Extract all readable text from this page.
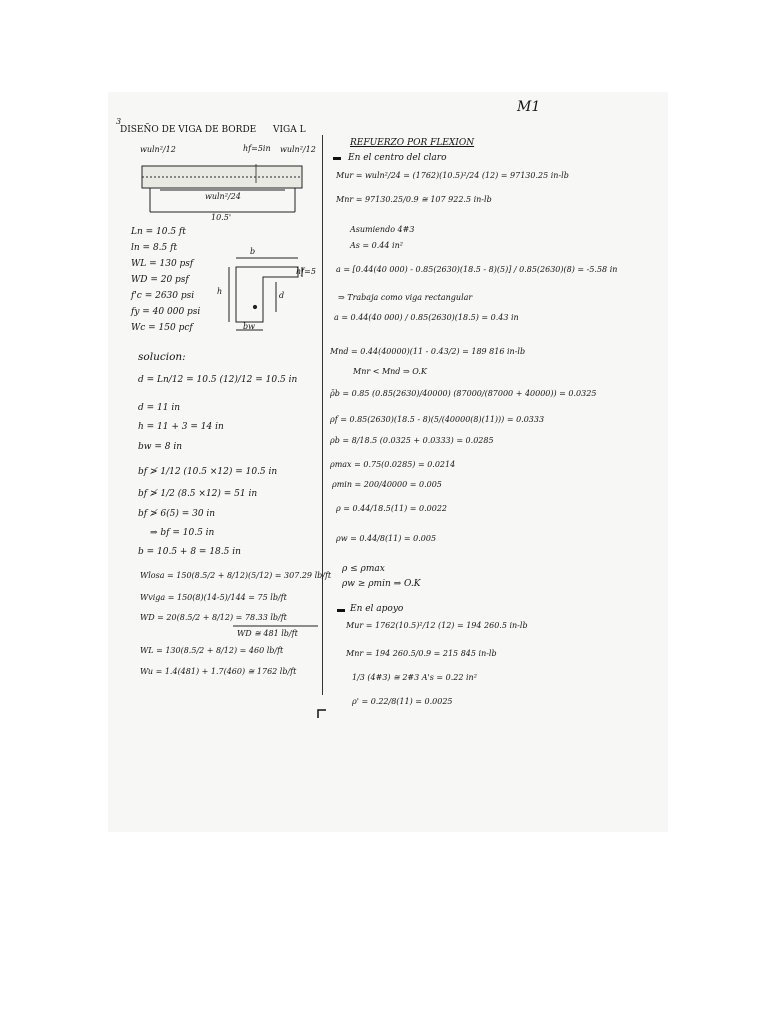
M1
3
DISEÑO DE VIGA DE BORDE VIGA L
wuln²/12	hf=5in wuln²/12
wuln²/24
10.5'
Ln = 10.5 ft
ln = 8.5 ft
WL = 130 psf
WD = 20 psf
f'c = 2630 psi
fy = 40 000 psi
Wc = 150 pcf
b
hf=5
h	d
bw
solucion:
d = Ln/12 = 10.5 (12)/12 = 10.5 in
d = 11 in
h = 11 + 3 = 14 in
bw = 8 in
bf ≯ 1/12 (10.5 ×12) = 10.5 in
bf ≯ 1/2 (8.5 ×12) = 51 in
bf ≯ 6(5) = 30 in
⇒ bf = 10.5 in
b = 10.5 + 8 = 18.5 in
Wlosa = 150(8.5/2 + 8/12)(5/12) = 307.29 lb/ft
Wviga = 150(8)(14-5)/144 = 75 lb/ft
WD = 20(8.5/2 + 8/12) = 78.33 lb/ft
WD ≅ 481 lb/ft
WL = 130(8.5/2 + 8/12) = 460 lb/ft
Wu = 1.4(481) + 1.7(460) ≅ 1762 lb/ft
REFUERZO POR FLEXION
En el centro del claro
Mur = wuln²/24 = (1762)(10.5)²/24 (12) = 97130.25 in-lb
Mnr = 97130.25/0.9 ≅ 107 922.5 in-lb
Asumiendo 4#3
As = 0.44 in²
a = [0.44(40 000) - 0.85(2630)(18.5 - 8)(5)] / 0.85(2630)(8) = -5.58 in
⇒ Trabaja como viga rectangular
a = 0.44(40 000) / 0.85(2630)(18.5) = 0.43 in
Mnd = 0.44(40000)(11 - 0.43/2) = 189 816 in-lb
Mnr < Mnd ⇒ O.K
ρ̄b = 0.85 (0.85(2630)/40000) (87000/(87000 + 40000)) = 0.0325
ρf = 0.85(2630)(18.5 - 8)(5/(40000(8)(11))) = 0.0333
ρb = 8/18.5 (0.0325 + 0.0333) = 0.0285
ρmax = 0.75(0.0285) = 0.0214
ρmin = 200/40000 = 0.005
ρ = 0.44/18.5(11) = 0.0022
ρw = 0.44/8(11) = 0.005
ρ ≤ ρmax
ρw ≥ ρmin ⇒ O.K
En el apoyo
Mur = 1762(10.5)²/12 (12) = 194 260.5 in-lb
Mnr = 194 260.5/0.9 = 215 845 in-lb
1/3 (4#3) ≅ 2#3 A's = 0.22 in²
ρ' = 0.22/8(11) = 0.0025
